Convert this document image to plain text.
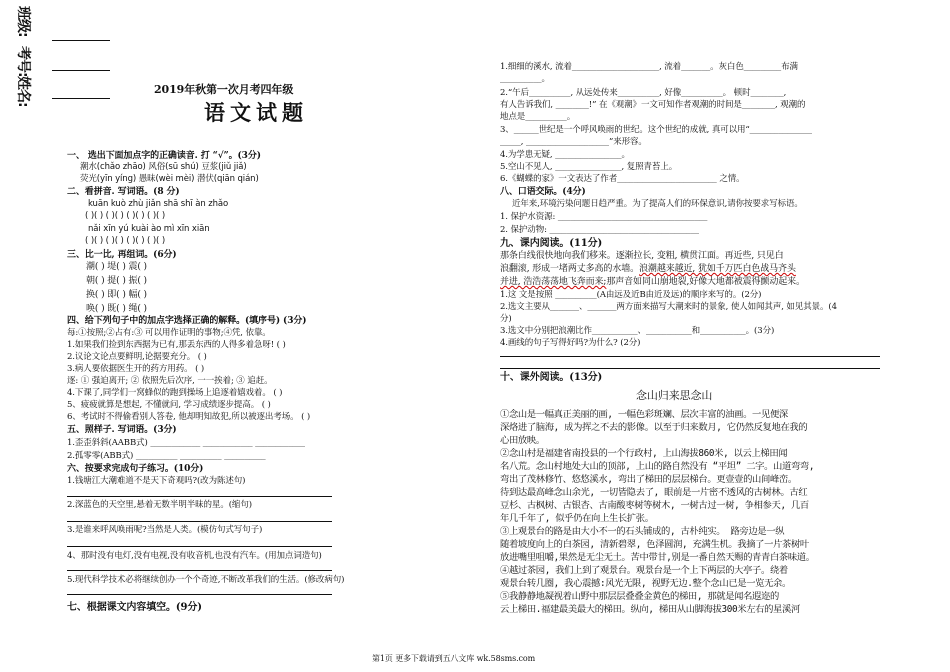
班级:
考号:
姓名:	2019年秋第一次月考四年级
语文试题
一、 选出下面加点字的正确读音. 打 “√”。(3分)
潮水(chǎo zhāo) 风俗(sū shú) 豆浆(jiǔ jiǎ)
荧光(yīn yíng) 愚昧(wèi mèi) 潜伏(qiān qián)
二、看拼音. 写词语。(8 分)
kuān kuò zhù jiǎn shā shī àn zhǎo
( )( ) ( )( ) ( )( ) ( )( )
nǎi xīn yú kuài ào mì xīn xiān
( )( ) ( )( ) ( )( ) ( )( )
三、比一比, 再组词。(6分)
潮( ) 堤( ) 震( )
朝( ) 提( ) 振( )
换( ) 即( ) 幅( )
唤( ) 既( ) 绳( )
四、给下列句子中的加点字选择正确的解释。(填序号) (3分)
每:①按照;②占有:③ 可以用作证明的事物;④凭, 依靠。
1.如果我们捡到东西据为已有,那丢东西的人得多着急呀! ( )
2.议论文论点要鲜明,论据要充分。 ( )
3.病人要依据医生开的药方用药。 ( )
逐: ① 强迫离开; ② 依照先后次序, 一一挨着; ③ 追赶。
4.下课了,同学们一窝蜂似的跑到操场上追逐着嬉戏着。 ( )
5、疲疲就算是想起, 不懂就问, 学习成绩逐步提高。 ( )
6、考试时不得偷看别人答卷, 他却明知故犯,所以被逐出考场。 ( )
五、照样子. 写词语。(3分)
1.歪歪斜斜(AABB式) ____________ ____________ ____________
2.孤零零(ABB式) __________ __________ __________
六、按要求完成句子练习。(10分)
1.钱塘江大潮难道不是天下奇观吗?(改为陈述句)
2.深蓝色的天空里,悬着无数半明半昧的星。(缩句)
3.是谁来呼风唤雨呢?当然是人类。(模仿句式写句子)
4、那时没有电灯,没有电视,没有收音机,也没有汽车。(用加点词造句)
5.现代科学技术必将继续创办一个个奇迹,不断改革我们的生活。(修改病句)
七、根据课文内容填空。(9分)
1.细细的溪水, 流着_____________________, 流着_______。灰白色_________布满
__________。
2.“午后__________, 从远处传来__________, 好像__________。 顿时________,
有人告诉我们, ________!” 在《观潮》一文可知作者观潮的时间是________, 观潮的
地点是__________。
3、______世纪是一个呼风唤雨的世纪。这个世纪的成就, 真可以用“_______________
_____, ____________________”来形容。
4.为学患无疑, ________________。
5.空山不见人, ________________, 复照青苔上。
6.《蝴蝶的家》一文表达了作者________________________ 之情。
八、口语交际。(4分)
近年来,环境污染问题日趋严重。为了提高人们的环保意识,请你按要求写标语。
1. 保护水资源: ____________________________________
2. 保护动物: ____________________________________
九、课内阅读。(11分)
那条白线很快地向我们移来。逐渐拉长, 变粗, 横贯江面。再近些, 只见白
浪翻滚, 形成一堵两丈多高的水墙。浪潮越来越近, 犹如千万匹白色战马齐头
并进, 浩浩荡荡地飞奔而来;那声音如同山崩地裂,好像大地都被震得颤动起来。
1.这 文是按照 __________(A由远及近B由近及远)的顺序来写的。(2分)
2.选文主要从_______、_______两方面来描写大潮来时的景象, 使人如闻其声, 如见其景。(4
分)
3.选文中分别把浪潮比作___________、___________和___________。(3分)
4.画线的句子写得好吗?为什么? (2分)
十、课外阅读。(13分)
念山归来思念山
①念山是一幅真正美丽的画, 一幅色彩斑斓、层次丰富的油画。一见便深
深烙进了脑海, 成为挥之不去的影像。以至于归来数月, 它仍然反复地在我的
心田放映。
②念山村是福建省南投县的一个行政村, 上山海拔860米, 以云上梯田闻
名八荒。念山村地处大山的顶部, 上山的路自然没有 “平坦” 二字。山道弯弯,
弯出了茂林修竹、悠悠溪水, 弯出了梯田的层层梯台。更壹壹的山间峰峦。
待到达最高峰念山余光, 一切皆隐去了, 眼前是一片密不透风的古树林。古红
豆杉、古枫树、古银杏、古南酸枣树等树木, 一树古过一树, 争相参天, 几百
年几千年了, 似乎仍在向上生长扩张。
③上观景台的路是由大小不一的石头铺成的, 古朴纯实。 路旁边是一纵
随着坡度向上的白茶园, 清新碧翠, 色泽圆润, 充满生机。我摘了一片茶树叶
放进嘴里咀嚼,果然是无尘无土。苦中带甘,别是一番自然天赐的青青白茶味道。
④越过茶园, 我们上到了观景台。观景台是一个上下两层的大亭子。绕着
观景台转几圈, 我心震撼:风光无限, 视野无边.整个念山已是一览无余。
⑤我静静地凝视着山野中那层层叠叠金黄色的梯田, 那就是闻名遐迩的
云上梯田.福建最美最大的梯田。纵向, 梯田从山脚海拔300米左右的星溪河
第1页 更多下载请到五八文库 wk.58sms.com
